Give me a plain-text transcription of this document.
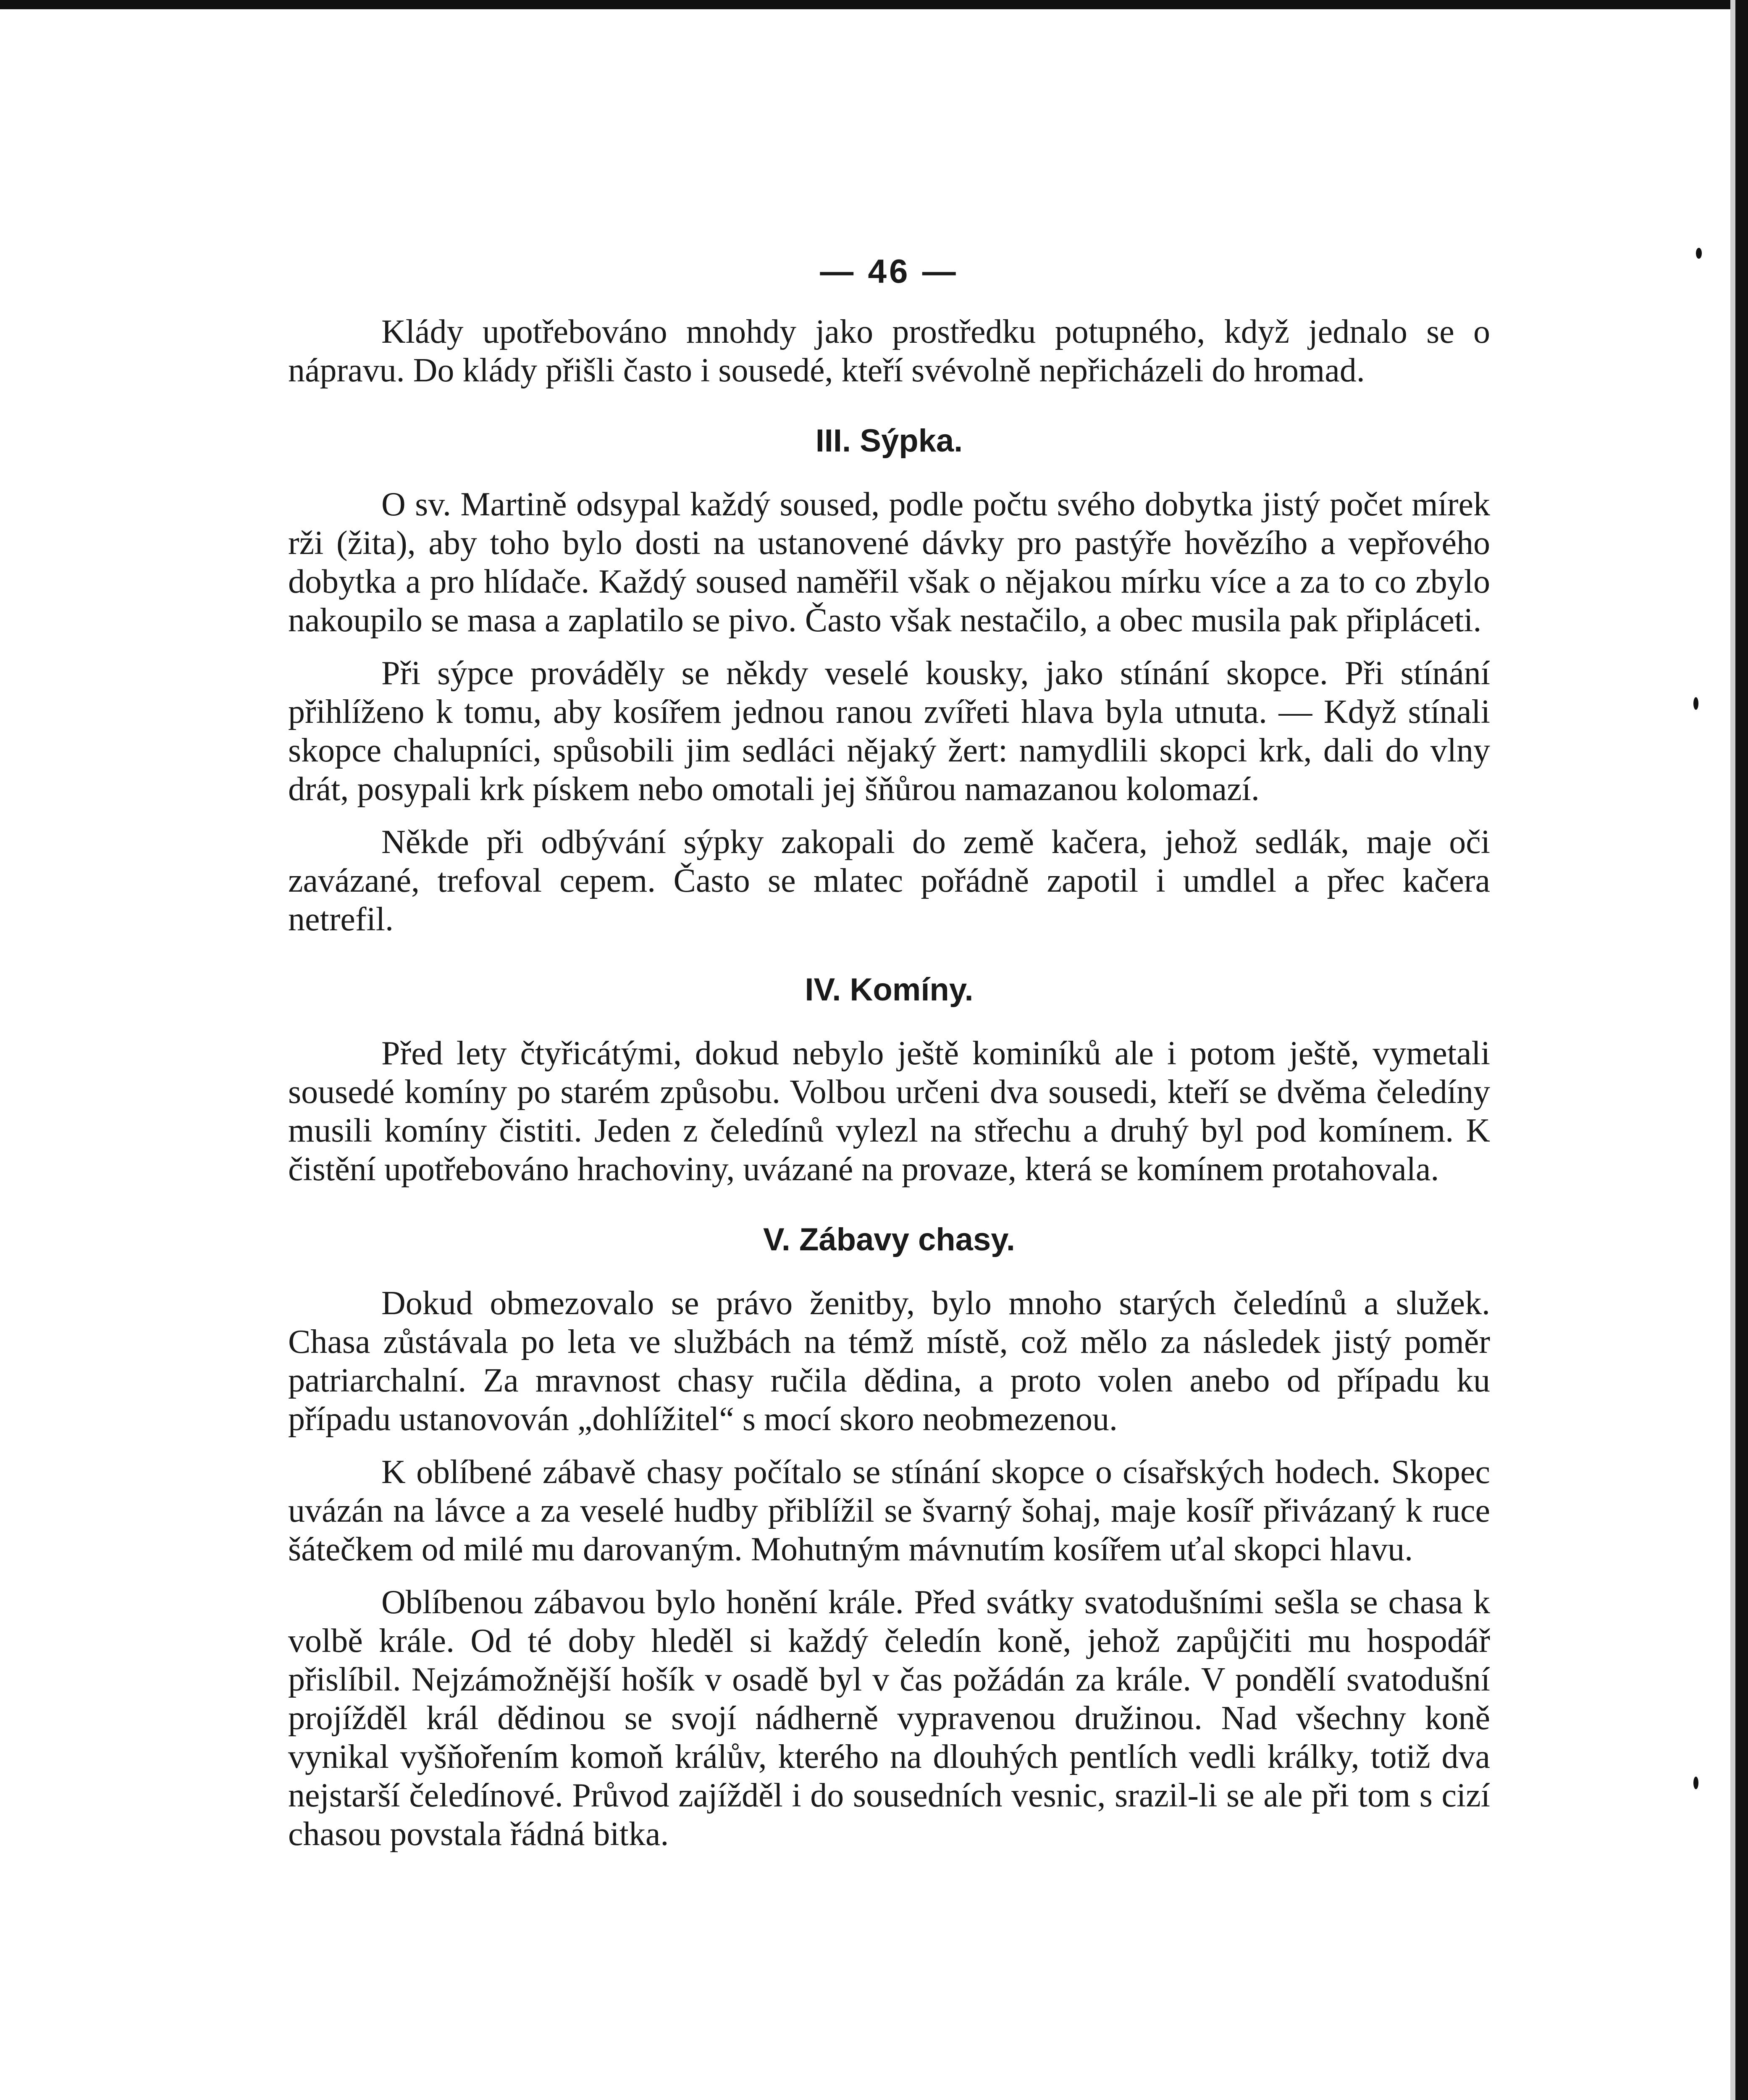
— 46 —

Klády upotřebováno mnohdy jako prostředku potupného, když jednalo se o nápravu. Do klády přišli často i sousedé, kteří svévolně nepřicházeli do hromad.

III. Sýpka.

O sv. Martině odsypal každý soused, podle počtu svého dobytka jistý počet mírek rži (žita), aby toho bylo dosti na ustanovené dávky pro pastýře hovězího a vepřového dobytka a pro hlídače. Každý soused naměřil však o nějakou mírku více a za to co zbylo nakoupilo se masa a zaplatilo se pivo. Často však nestačilo, a obec musila pak připláceti.

Při sýpce prováděly se někdy veselé kousky, jako stínání skopce. Při stínání přihlíženo k tomu, aby kosířem jednou ranou zvířeti hlava byla utnuta. — Když stínali skopce chalupníci, spůsobili jim sedláci nějaký žert: namydlili skopci krk, dali do vlny drát, posypali krk pískem nebo omotali jej šňůrou namazanou kolomazí.

Někde při odbývání sýpky zakopali do země kačera, jehož sedlák, maje oči zavázané, trefoval cepem. Často se mlatec pořádně zapotil i umdlel a přec kačera netrefil.

IV. Komíny.

Před lety čtyřicátými, dokud nebylo ještě kominíků ale i potom ještě, vymetali sousedé komíny po starém způsobu. Volbou určeni dva sousedi, kteří se dvěma čeledíny musili komíny čistiti. Jeden z čeledínů vylezl na střechu a druhý byl pod komínem. K čistění upotřebováno hrachoviny, uvázané na provaze, která se komínem protahovala.

V. Zábavy chasy.

Dokud obmezovalo se právo ženitby, bylo mnoho starých čeledínů a služek. Chasa zůstávala po leta ve službách na témž místě, což mělo za následek jistý poměr patriarchalní. Za mravnost chasy ručila dědina, a proto volen anebo od případu ku případu ustanovován „dohlížitel“ s mocí skoro neobmezenou.

K oblíbené zábavě chasy počítalo se stínání skopce o císařských hodech. Skopec uvázán na lávce a za veselé hudby přiblížil se švarný šohaj, maje kosíř přivázaný k ruce šátečkem od milé mu darovaným. Mohutným mávnutím kosířem uťal skopci hlavu.

Oblíbenou zábavou bylo honění krále. Před svátky svatodušními sešla se chasa k volbě krále. Od té doby hleděl si každý čeledín koně, jehož zapůjčiti mu hospodář přislíbil. Nejzámožnější hošík v osadě byl v čas požádán za krále. V pondělí svatodušní projížděl král dědinou se svojí nádherně vypravenou družinou. Nad všechny koně vynikal vyšňořením komoň králův, kterého na dlouhých pentlích vedli králky, totiž dva nejstarší čeledínové. Průvod zajížděl i do sousedních vesnic, srazil-li se ale při tom s cizí chasou povstala řádná bitka.
